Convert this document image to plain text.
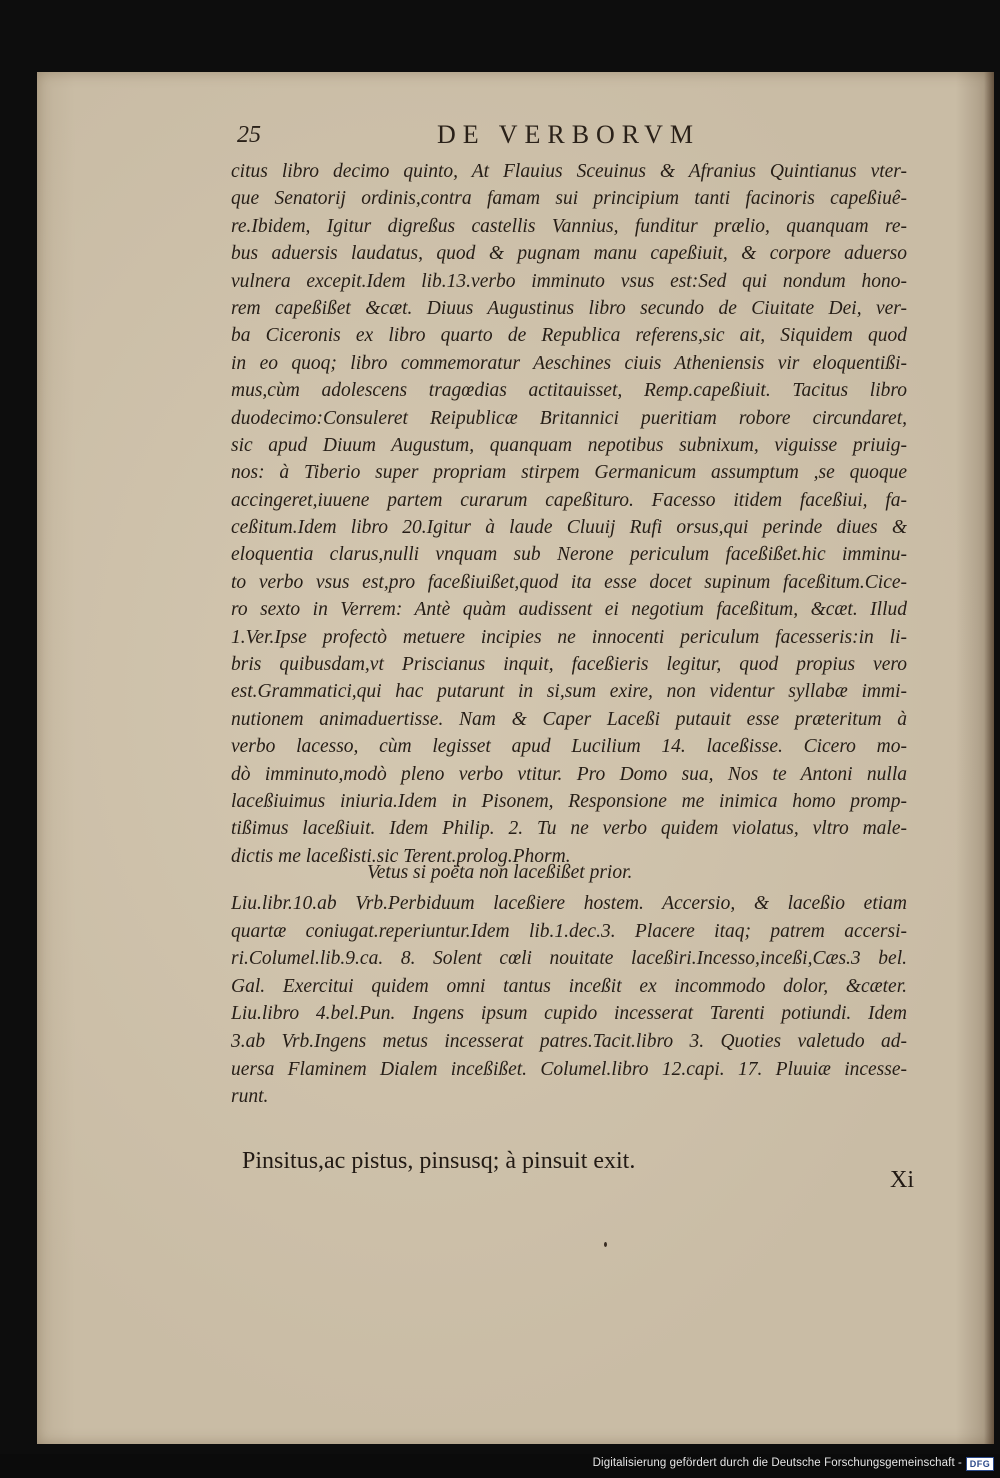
25	DE VERBORVM
citus libro decimo quinto, At Flauius Sceuinus & Afranius Quintianus vter-
que Senatorij ordinis,contra famam sui principium tanti facinoris capeßiuê-
re.Ibidem, Igitur digreßus castellis Vannius, funditur prælio, quanquam re-
bus aduersis laudatus, quod & pugnam manu capeßiuit, & corpore aduerso
vulnera excepit.Idem lib.13.verbo imminuto vsus est:Sed qui nondum hono-
rem capeßißet &cæt. Diuus Augustinus libro secundo de Ciuitate Dei, ver-
ba Ciceronis ex libro quarto de Republica referens,sic ait, Siquidem quod
in eo quoq; libro commemoratur Aeschines ciuis Atheniensis vir eloquentißi-
mus,cùm adolescens tragœdias actitauisset, Remp.capeßiuit. Tacitus libro
duodecimo:Consuleret Reipublicæ Britannici pueritiam robore circundaret,
sic apud Diuum Augustum, quanquam nepotibus subnixum, viguisse priuig-
nos: à Tiberio super propriam stirpem Germanicum assumptum ,se quoque
accingeret,iuuene partem curarum capeßituro. Facesso itidem faceßiui, fa-
ceßitum.Idem libro 20.Igitur à laude Cluuij Rufi orsus,qui perinde diues &
eloquentia clarus,nulli vnquam sub Nerone periculum faceßißet.hic imminu-
to verbo vsus est,pro faceßiuißet,quod ita esse docet supinum faceßitum.Cice-
ro sexto in Verrem: Antè quàm audissent ei negotium faceßitum, &cæt. Illud
1.Ver.Ipse profectò metuere incipies ne innocenti periculum facesseris:in li-
bris quibusdam,vt Priscianus inquit, faceßieris legitur, quod propius vero
est.Grammatici,qui hac putarunt in si,sum exire, non videntur syllabæ immi-
nutionem animaduertisse. Nam & Caper Laceßi putauit esse præteritum à
verbo lacesso, cùm legisset apud Lucilium 14. laceßisse. Cicero mo-
dò imminuto,modò pleno verbo vtitur. Pro Domo sua, Nos te Antoni nulla
laceßiuimus iniuria.Idem in Pisonem, Responsione me inimica homo promp-
tißimus laceßiuit. Idem Philip. 2. Tu ne verbo quidem violatus, vltro male-
dictis me laceßisti.sic Terent.prolog.Phorm.
Vetus si poëta non laceßißet prior.
Liu.libr.10.ab Vrb.Perbiduum laceßiere hostem. Accersio, & laceßio etiam
quartæ coniugat.reperiuntur.Idem lib.1.dec.3. Placere itaq; patrem accersi-
ri.Columel.lib.9.ca. 8. Solent cœli nouitate laceßiri.Incesso,inceßi,Cæs.3 bel.
Gal. Exercitui quidem omni tantus inceßit ex incommodo dolor, &cæter.
Liu.libro 4.bel.Pun. Ingens ipsum cupido incesserat Tarenti potiundi. Idem
3.ab Vrb.Ingens metus incesserat patres.Tacit.libro 3. Quoties valetudo ad-
uersa Flaminem Dialem inceßißet. Columel.libro 12.capi. 17. Pluuiæ incesse-
runt.
Pinsitus,ac pistus, pinsusq; à pinsuit exit.
Xi
Digitalisierung gefördert durch die Deutsche Forschungsgemeinschaft - DFG
